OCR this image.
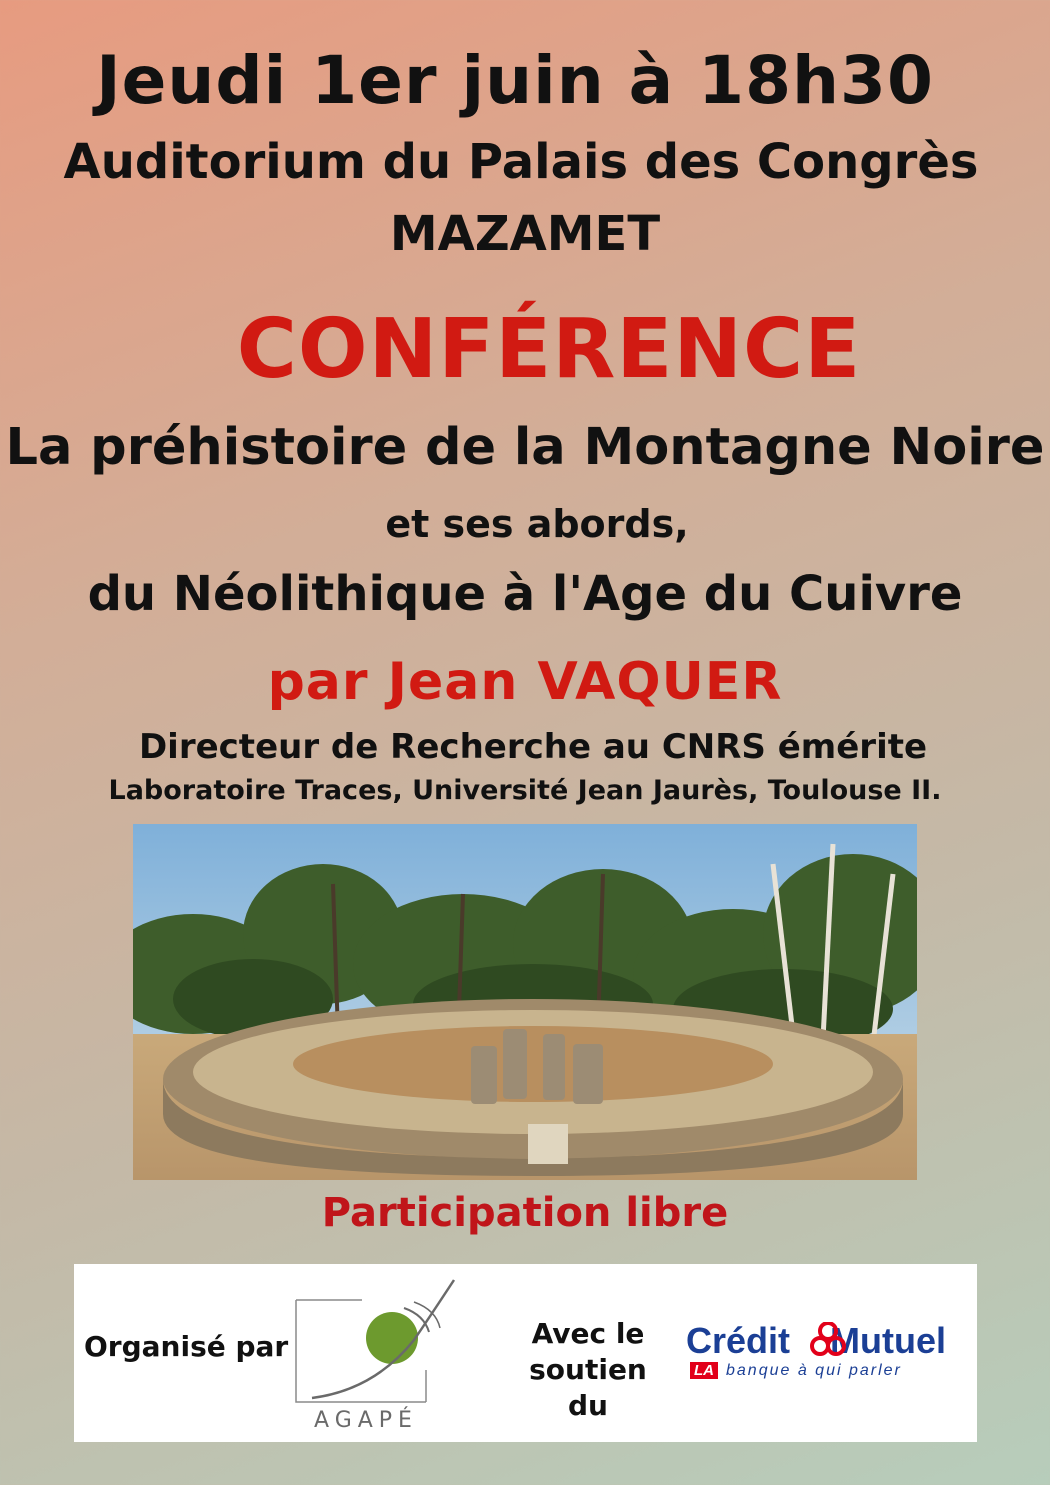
Jeudi 1er juin à 18h30
Auditorium du Palais des Congrès
MAZAMET
CONFÉRENCE
La préhistoire de la Montagne Noire
et ses abords,
du Néolithique à l'Age du Cuivre
par Jean VAQUER
Directeur de Recherche au CNRS émérite
Laboratoire Traces, Université Jean Jaurès, Toulouse II.
Participation libre
Organisé par
AGAPÉ
Avec le
soutien du
Crédit Mutuel
LA banque à qui parler
